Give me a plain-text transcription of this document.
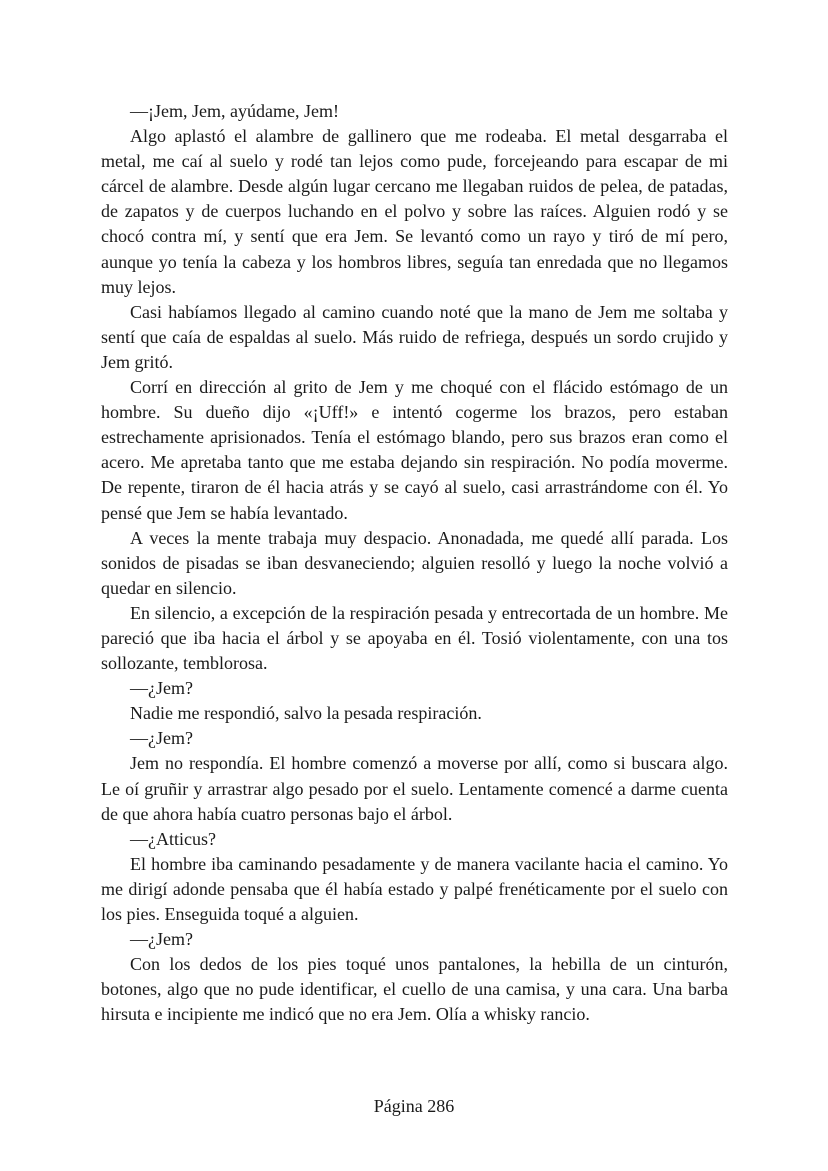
—¡Jem, Jem, ayúdame, Jem!

Algo aplastó el alambre de gallinero que me rodeaba. El metal desgarraba el metal, me caí al suelo y rodé tan lejos como pude, forcejeando para escapar de mi cárcel de alambre. Desde algún lugar cercano me llegaban ruidos de pelea, de patadas, de zapatos y de cuerpos luchando en el polvo y sobre las raíces. Alguien rodó y se chocó contra mí, y sentí que era Jem. Se levantó como un rayo y tiró de mí pero, aunque yo tenía la cabeza y los hombros libres, seguía tan enredada que no llegamos muy lejos.

Casi habíamos llegado al camino cuando noté que la mano de Jem me soltaba y sentí que caía de espaldas al suelo. Más ruido de refriega, después un sordo crujido y Jem gritó.

Corrí en dirección al grito de Jem y me choqué con el flácido estómago de un hombre. Su dueño dijo «¡Uff!» e intentó cogerme los brazos, pero estaban estrechamente aprisionados. Tenía el estómago blando, pero sus brazos eran como el acero. Me apretaba tanto que me estaba dejando sin respiración. No podía moverme. De repente, tiraron de él hacia atrás y se cayó al suelo, casi arrastrándome con él. Yo pensé que Jem se había levantado.

A veces la mente trabaja muy despacio. Anonadada, me quedé allí parada. Los sonidos de pisadas se iban desvaneciendo; alguien resolló y luego la noche volvió a quedar en silencio.

En silencio, a excepción de la respiración pesada y entrecortada de un hombre. Me pareció que iba hacia el árbol y se apoyaba en él. Tosió violentamente, con una tos sollozante, temblorosa.

—¿Jem?

Nadie me respondió, salvo la pesada respiración.

—¿Jem?

Jem no respondía. El hombre comenzó a moverse por allí, como si buscara algo. Le oí gruñir y arrastrar algo pesado por el suelo. Lentamente comencé a darme cuenta de que ahora había cuatro personas bajo el árbol.

—¿Atticus?

El hombre iba caminando pesadamente y de manera vacilante hacia el camino. Yo me dirigí adonde pensaba que él había estado y palpé frenéticamente por el suelo con los pies. Enseguida toqué a alguien.

—¿Jem?

Con los dedos de los pies toqué unos pantalones, la hebilla de un cinturón, botones, algo que no pude identificar, el cuello de una camisa, y una cara. Una barba hirsuta e incipiente me indicó que no era Jem. Olía a whisky rancio.

Página 286
